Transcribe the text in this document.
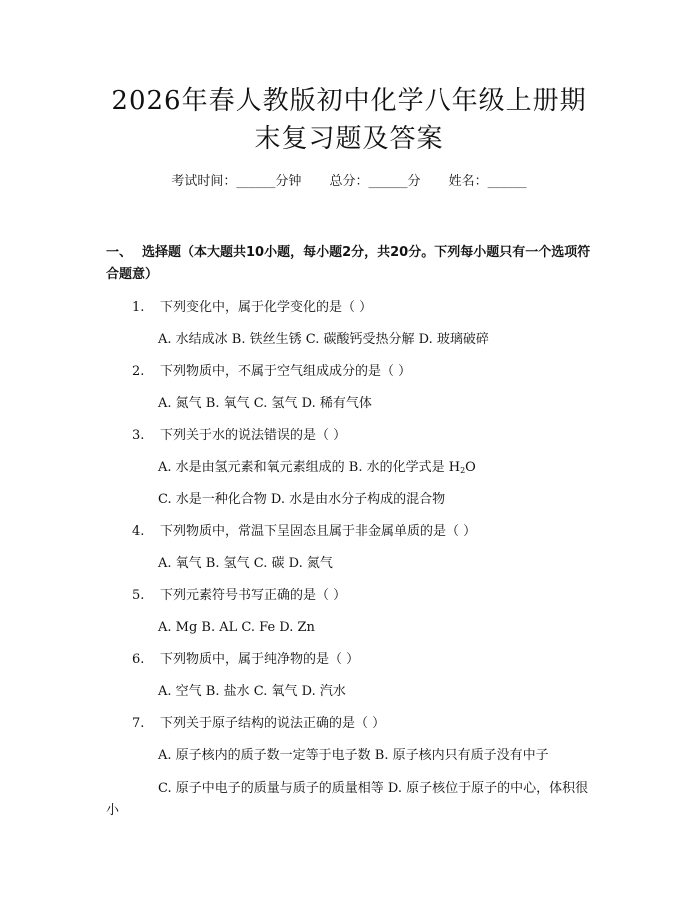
2026年春人教版初中化学八年级上册期末复习题及答案
考试时间：______分钟 总分：______分 姓名：______
一、 选择题（本大题共10小题，每小题2分，共20分。下列每小题只有一个选项符合题意）
1.	下列变化中，属于化学变化的是（ ）
A. 水结成冰 B. 铁丝生锈 C. 碳酸钙受热分解 D. 玻璃破碎
2.	下列物质中，不属于空气组成成分的是（ ）
A. 氮气 B. 氧气 C. 氢气 D. 稀有气体
3.	下列关于水的说法错误的是（ ）
A. 水是由氢元素和氧元素组成的 B. 水的化学式是 $H_2O$
C. 水是一种化合物 D. 水是由水分子构成的混合物
4.	下列物质中，常温下呈固态且属于非金属单质的是（ ）
A. 氧气 B. 氢气 C. 碳 D. 氮气
5.	下列元素符号书写正确的是（ ）
A. Mg B. AL C. Fe D. Zn
6.	下列物质中，属于纯净物的是（ ）
A. 空气 B. 盐水 C. 氧气 D. 汽水
7.	下列关于原子结构的说法正确的是（ ）
A. 原子核内的质子数一定等于电子数 B. 原子核内只有质子没有中子
C. 原子中电子的质量与质子的质量相等 D. 原子核位于原子的中心，体积很小
